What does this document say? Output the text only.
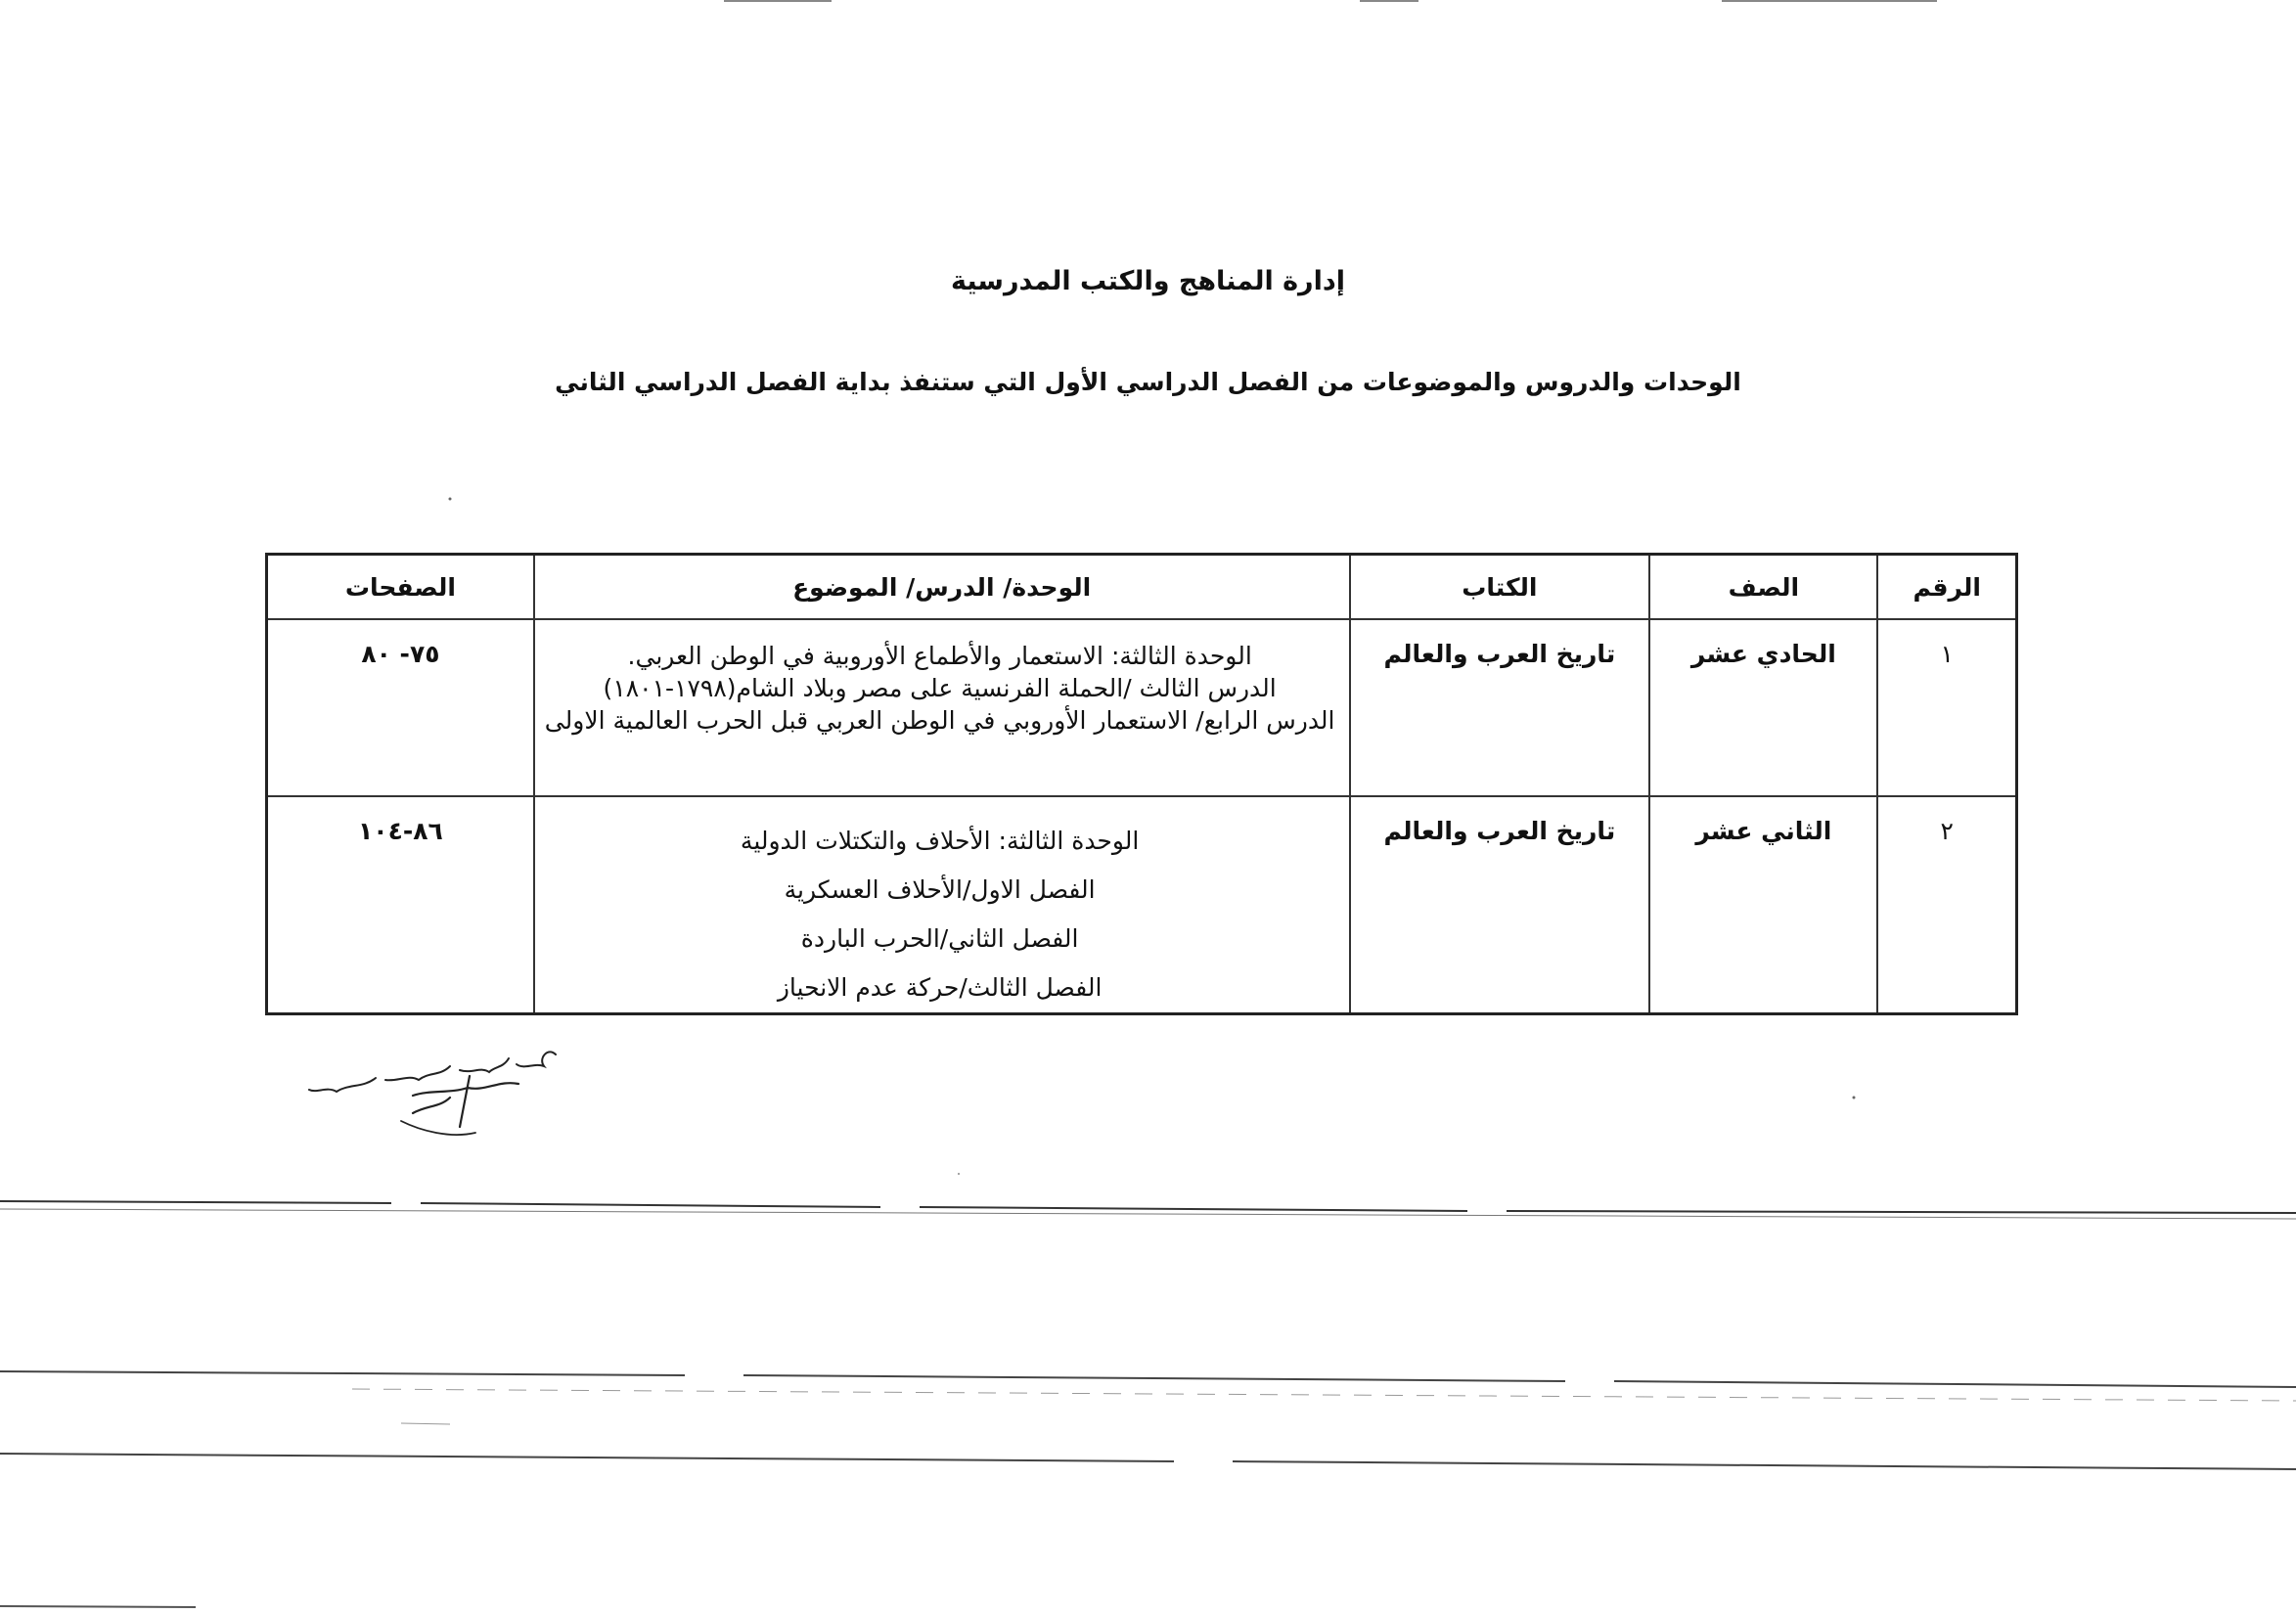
إدارة المناهج والكتب المدرسية
الوحدات والدروس والموضوعات من الفصل الدراسي الأول التي ستنفذ بداية الفصل الدراسي الثاني
الرقم	الصف	الكتاب	الوحدة/ الدرس/ الموضوع	الصفحات
١	الحادي عشر	تاريخ العرب والعالم	الوحدة الثالثة: الاستعمار والأطماع الأوروبية في الوطن العربي.
الدرس الثالث /الحملة الفرنسية على مصر وبلاد الشام(١٧٩٨-١٨٠١)
الدرس الرابع/ الاستعمار الأوروبي في الوطن العربي قبل الحرب العالمية الاولى	٧٥- ٨٠
٢	الثاني عشر	تاريخ العرب والعالم	الوحدة الثالثة: الأحلاف والتكتلات الدولية
الفصل الاول/الأحلاف العسكرية
الفصل الثاني/الحرب الباردة
الفصل الثالث/حركة عدم الانحياز	٨٦-١٠٤
